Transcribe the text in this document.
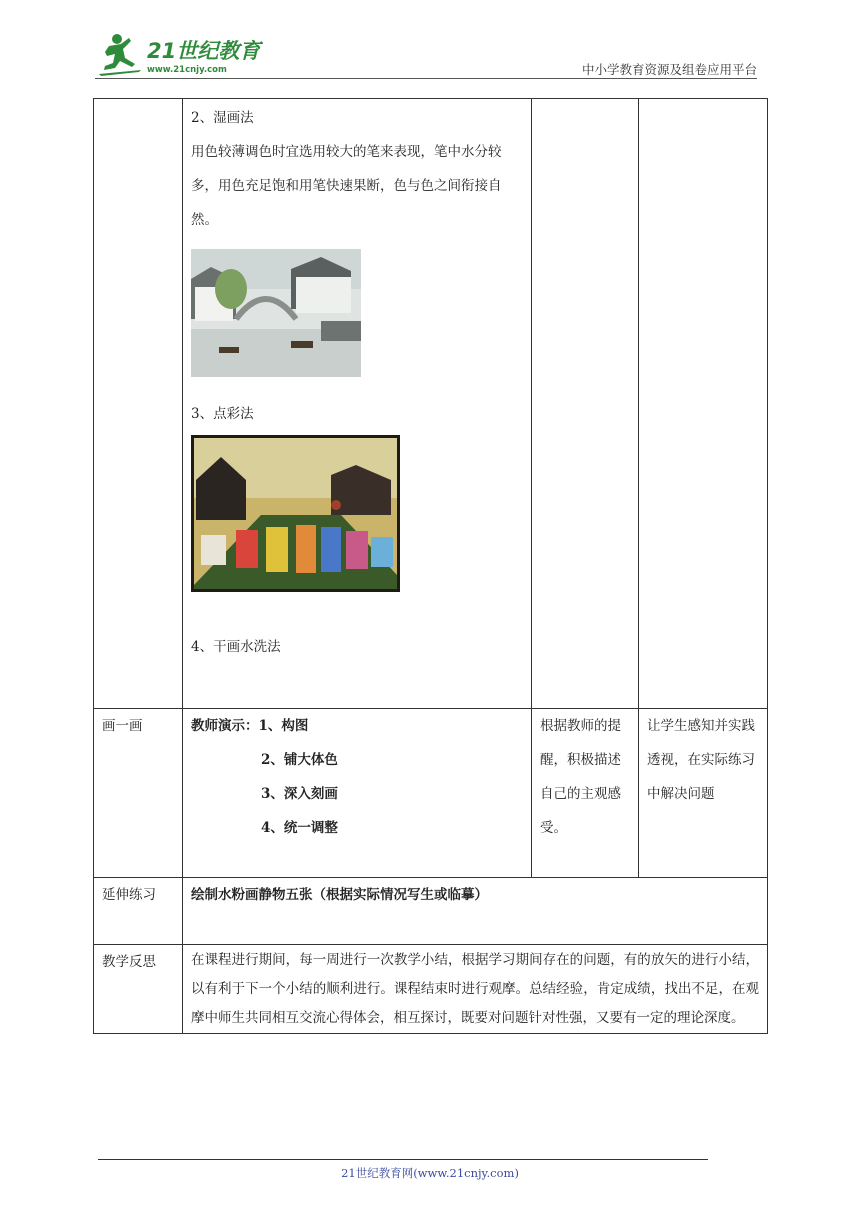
21世纪教育
www.21cnjy.com	中小学教育资源及组卷应用平台

	2、湿画法

用色较薄调色时宜选用较大的笔来表现，笔中水分较多，用色充足饱和用笔快速果断，色与色之间衔接自然。

3、点彩法

4、干画水洗法		

画一画	教师演示：1、构图

2、铺大体色

3、深入刻画

4、统一调整	根据教师的提醒，积极描述自己的主观感受。	让学生感知并实践透视，在实际练习中解决问题
延伸练习	绘制水粉画静物五张（根据实际情况写生或临摹）		
教学反思	在课程进行期间，每一周进行一次教学小结，根据学习期间存在的问题，有的放矢的进行小结，以有利于下一个小结的顺利进行。课程结束时进行观摩。总结经验，肯定成绩，找出不足，在观摩中师生共同相互交流心得体会，相互探讨，既要对问题针对性强，又要有一定的理论深度。		
21世纪教育网(www.21cnjy.com)
